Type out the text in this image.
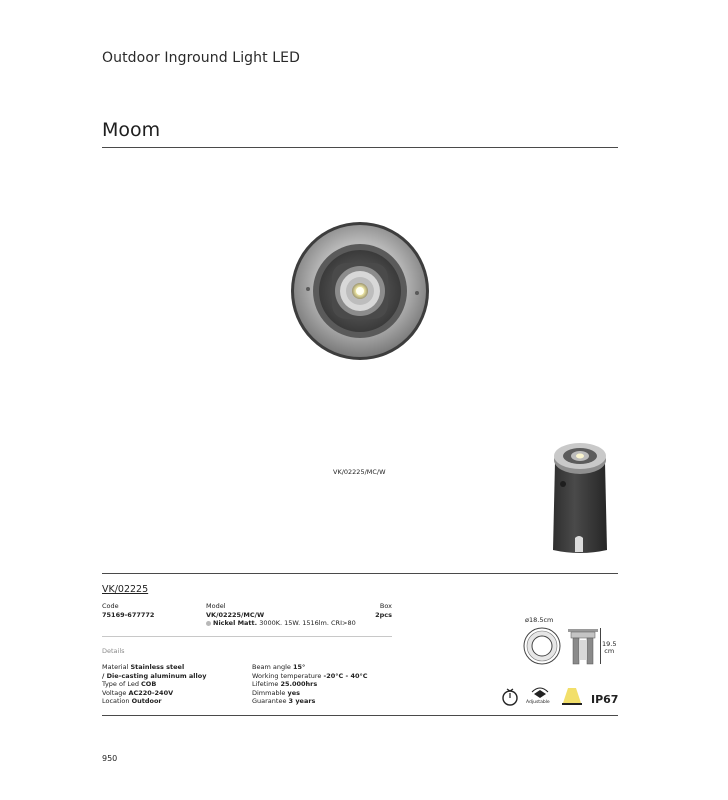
Outdoor Inground Light LED
Moom
VK/02225/MC/W
VK/02225
Code
75169-677772
Model
VK/02225/MC/W
Nickel Matt. 3000K. 15W. 1516lm. CRI>80
Box
2pcs
Details
Material Stainless steel
/ Die-casting aluminum alloy
Type of Led COB
Voltage AC220-240V
Location Outdoor
Beam angle 15°
Working temperature -20°C - 40°C
Lifetime 25.000hrs
Dimmable yes
Guarantee 3 years
ø18.5cm
19.5
cm
Adjustable	IP67
950
